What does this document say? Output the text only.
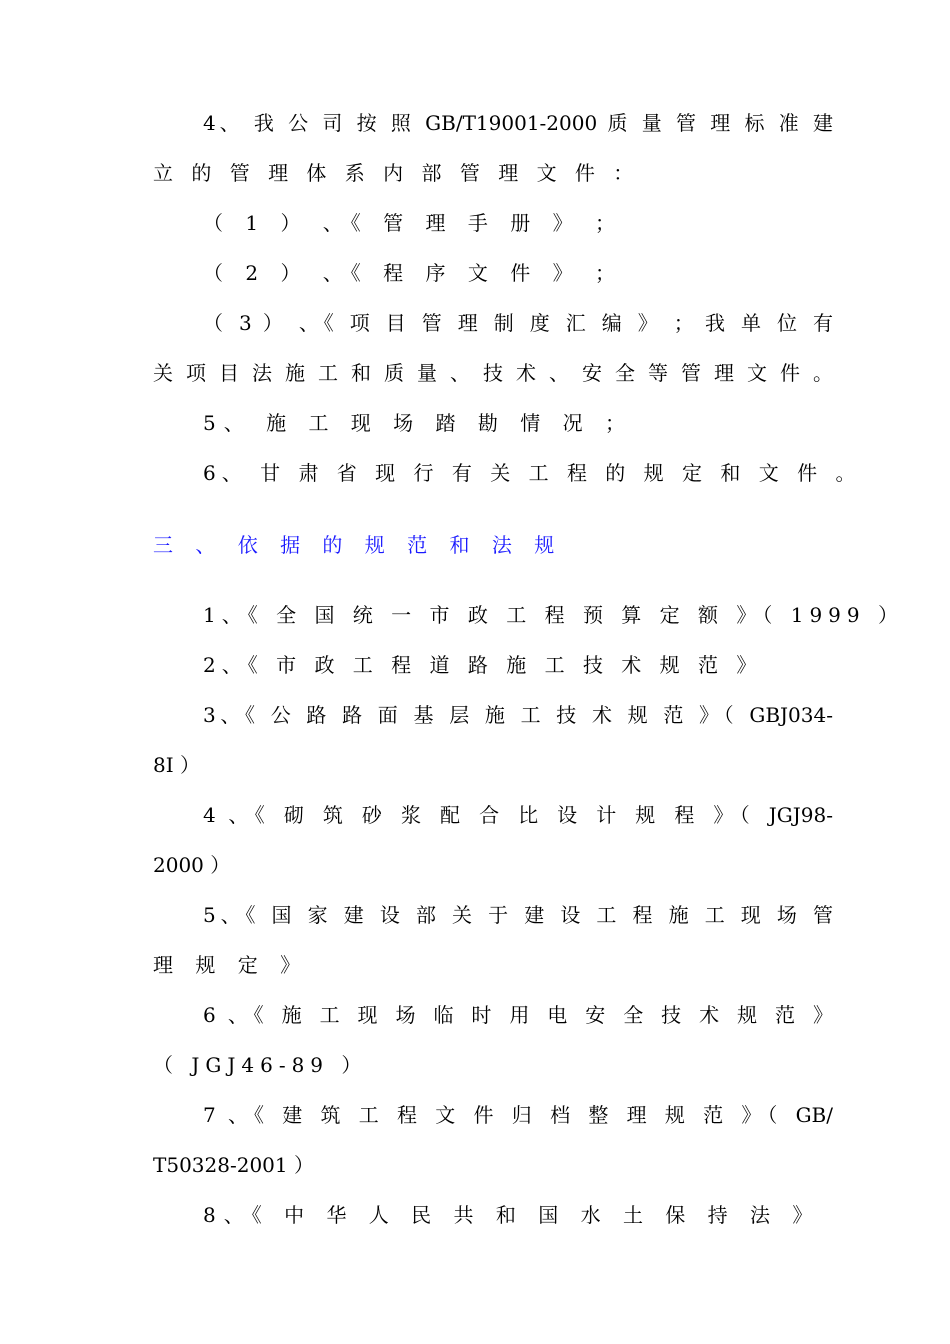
4、 我 公 司 按 照 GB/T19001-2000 质 量 管 理 标 准 建

立 的 管 理 体 系 内 部 管 理 文 件 ：

（ 1 ） 、《 管 理 手 册 》 ；

（ 2 ） 、《 程 序 文 件 》 ；

（ 3 ） 、《 项 目 管 理 制 度 汇 编 》 ； 我 单 位 有

关 项 目 法 施 工 和 质 量 、 技 术 、 安 全 等 管 理 文 件 。

5、 施 工 现 场 踏 勘 情 况 ；

6、 甘 肃 省 现 行 有 关 工 程 的 规 定 和 文 件 。

三 、 依 据 的 规 范 和 法 规

1、《 全 国 统 一 市 政 工 程 预 算 定 额 》（ 1999 ）

2、《 市 政 工 程 道 路 施 工 技 术 规 范 》

3、《 公 路 路 面 基 层 施 工 技 术 规 范 》（ GBJ034-

8I ）

4 、《 砌 筑 砂 浆 配 合 比 设 计 规 程 》（ JGJ98-

2000 ）

5、《 国 家 建 设 部 关 于 建 设 工 程 施 工 现 场 管

理 规 定 》

6 、《 施 工 现 场 临 时 用 电 安 全 技 术 规 范 》

（ JGJ46-89 ）

7 、《 建 筑 工 程 文 件 归 档 整 理 规 范 》（ GB/

T50328-2001 ）

8、《 中 华 人 民 共 和 国 水 土 保 持 法 》
